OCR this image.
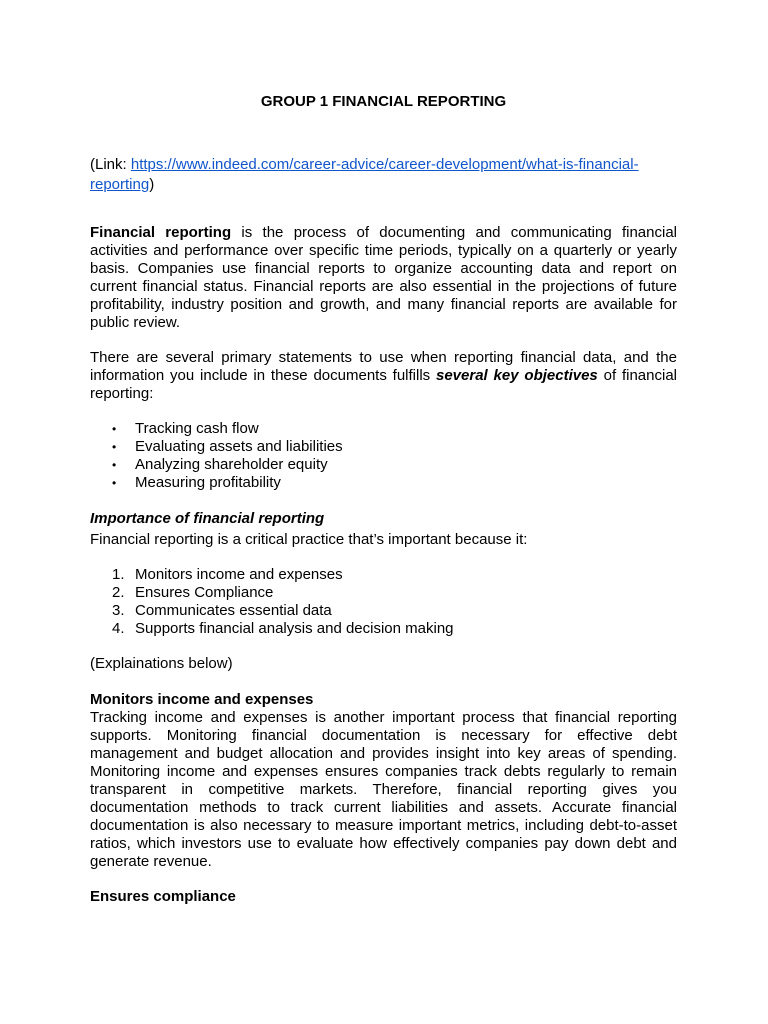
GROUP 1 FINANCIAL REPORTING
(Link: https://www.indeed.com/career-advice/career-development/what-is-financial-
reporting)

Financial reporting is the process of documenting and communicating financial activities and performance over specific time periods, typically on a quarterly or yearly basis. Companies use financial reports to organize accounting data and report on current financial status. Financial reports are also essential in the projections of future profitability, industry position and growth, and many financial reports are available for public review.

There are several primary statements to use when reporting financial data, and the information you include in these documents fulfills several key objectives of financial reporting:

• Tracking cash flow
• Evaluating assets and liabilities
• Analyzing shareholder equity
• Measuring profitability
Importance of financial reporting
Financial reporting is a critical practice that’s important because it:
1. Monitors income and expenses
2. Ensures Compliance
3. Communicates essential data
4. Supports financial analysis and decision making
(Explainations below)
Monitors income and expenses

Tracking income and expenses is another important process that financial reporting supports. Monitoring financial documentation is necessary for effective debt management and budget allocation and provides insight into key areas of spending. Monitoring income and expenses ensures companies track debts regularly to remain transparent in competitive markets. Therefore, financial reporting gives you documentation methods to track current liabilities and assets. Accurate financial documentation is also necessary to measure important metrics, including debt-to-asset ratios, which investors use to evaluate how effectively companies pay down debt and generate revenue.

Ensures compliance
